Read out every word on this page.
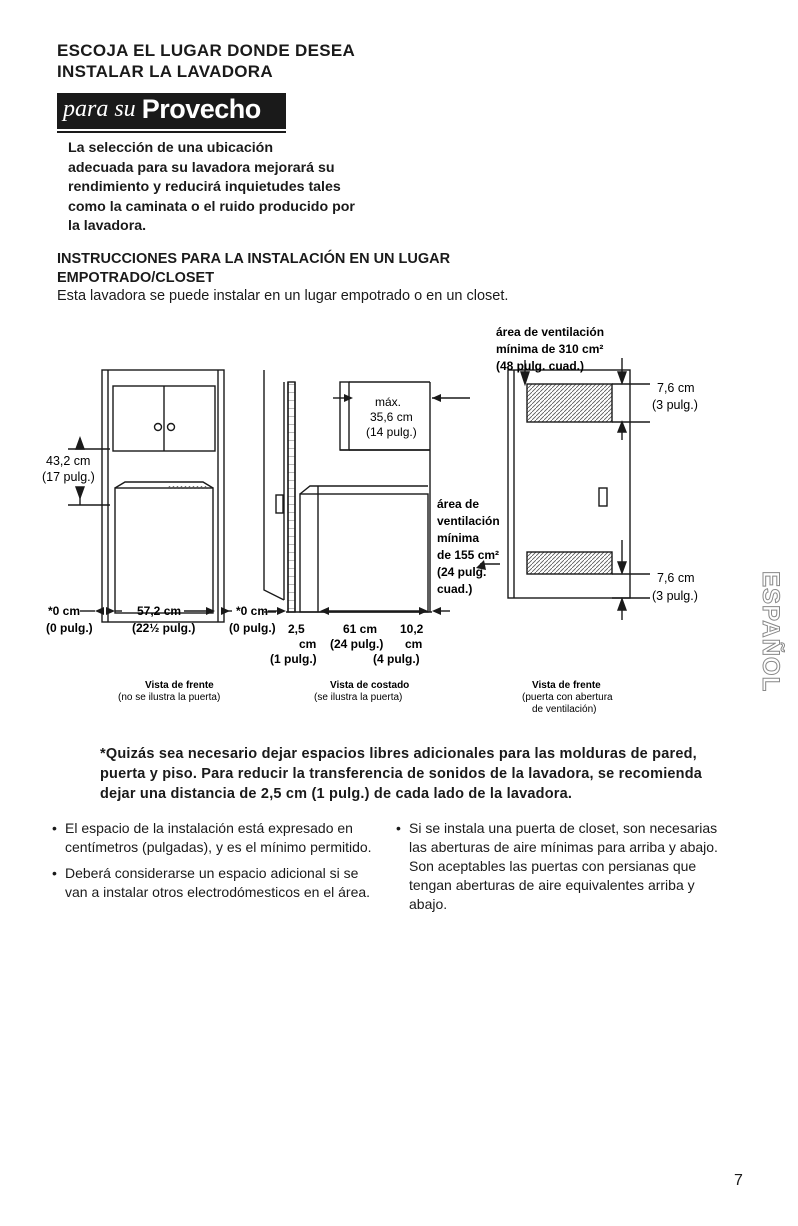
ESCOJA EL LUGAR DONDE DESEA
INSTALAR LA LAVADORA
para su Provecho
La selección de una ubicación
adecuada para su lavadora mejorará su
rendimiento y reducirá inquietudes tales
como la caminata o el ruido producido por
la lavadora.
INSTRUCCIONES PARA LA INSTALACIÓN EN UN LUGAR
EMPOTRADO/CLOSET
Esta lavadora se puede instalar en un lugar empotrado o en un closet.
43,2 cm
(17 pulg.)
*0 cm
(0 pulg.)
57,2 cm
(22½ pulg.)
*0 cm
(0 pulg.)
Vista de frente
(no se ilustra la puerta)
máx.
35,6 cm
(14 pulg.)
área de
ventilación
mínima
de 155 cm²
(24 pulg.
cuad.)
2,5
cm
(1 pulg.)
61 cm
(24 pulg.)
10,2
cm
(4 pulg.)
Vista de costado
(se ilustra la puerta)
área de ventilación
mínima de 310 cm²
(48 pulg. cuad.)
7,6 cm
(3 pulg.)
7,6 cm
(3 pulg.)
Vista de frente
(puerta con abertura
de ventilación)
*Quizás sea necesario dejar espacios libres adicionales para las molduras de pared,
puerta y piso. Para reducir la transferencia de sonidos de la lavadora, se recomienda
dejar una distancia de 2,5 cm (1 pulg.) de cada lado de la lavadora.
• El espacio de la instalación está expresado en centímetros (pulgadas), y es el mínimo permitido.
• Deberá considerarse un espacio adicional si se van a instalar otros electrodómesticos en el área.
• Si se instala una puerta de closet, son necesarias las aberturas de aire mínimas para arriba y abajo. Son aceptables las puertas con persianas que tengan aberturas de aire equivalentes arriba y abajo.
ESPAÑOL
7
